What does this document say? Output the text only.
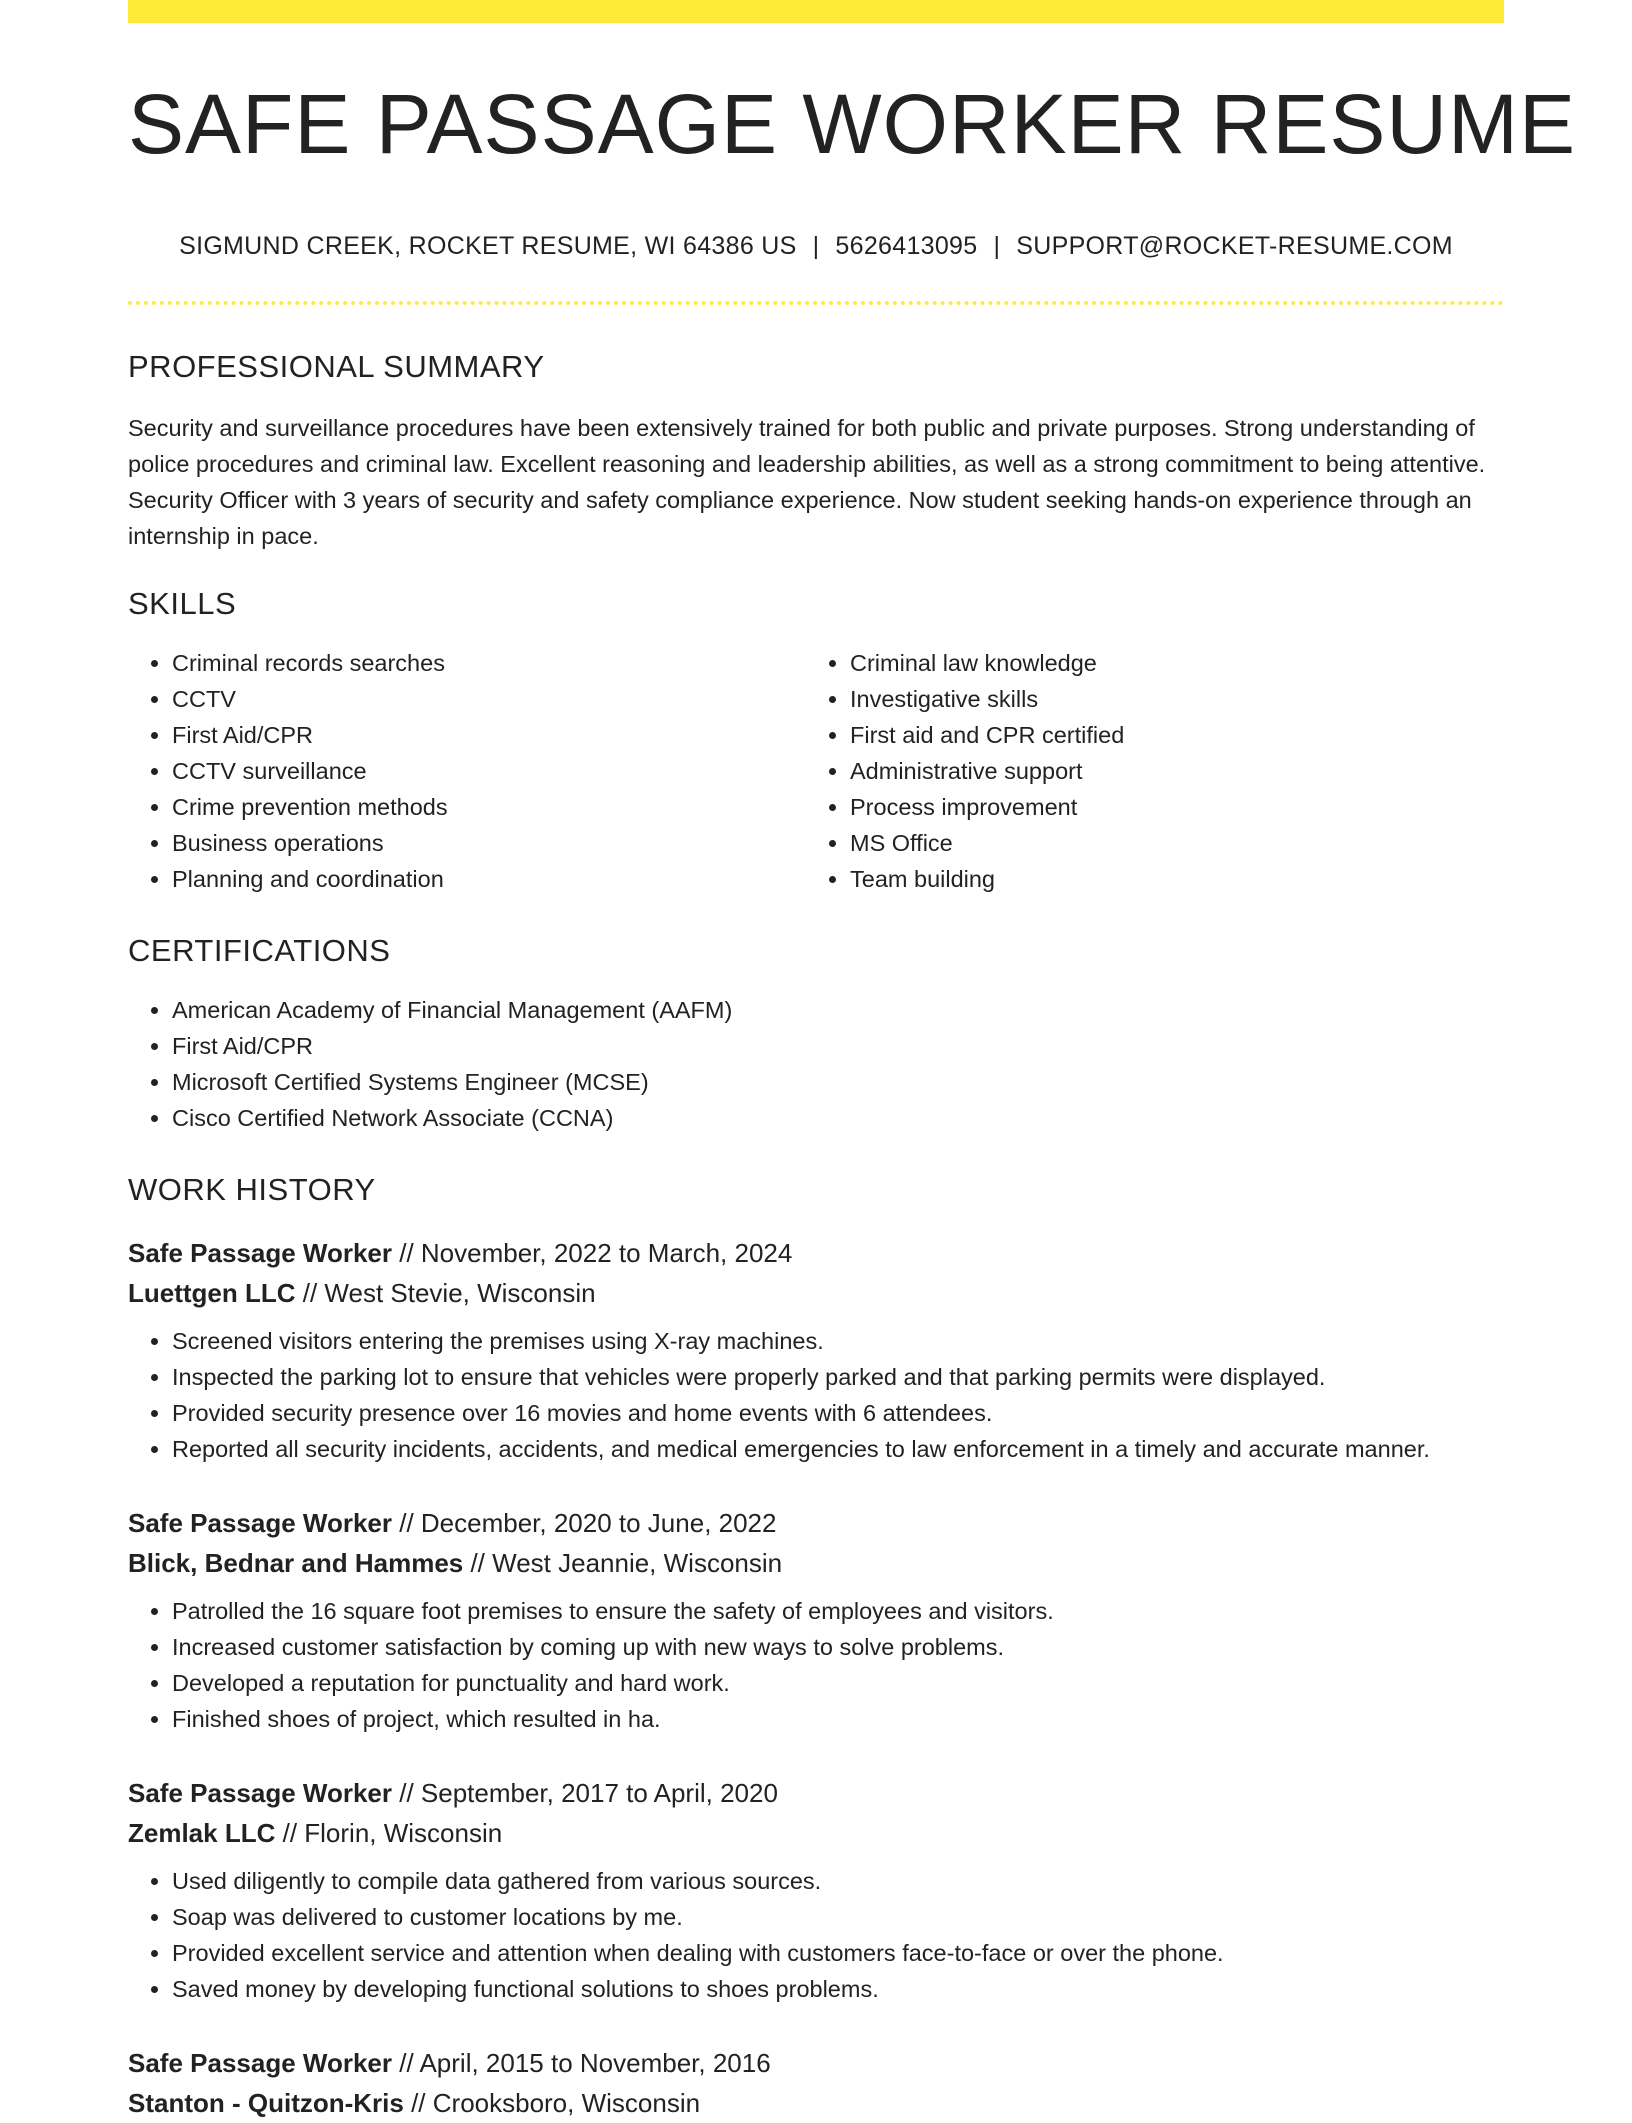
SAFE PASSAGE WORKER RESUME
SIGMUND CREEK, ROCKET RESUME, WI 64386 US | 5626413095 | SUPPORT@ROCKET-RESUME.COM
PROFESSIONAL SUMMARY

Security and surveillance procedures have been extensively trained for both public and private purposes. Strong understanding of police procedures and criminal law. Excellent reasoning and leadership abilities, as well as a strong commitment to being attentive. Security Officer with 3 years of security and safety compliance experience. Now student seeking hands-on experience through an internship in pace.

SKILLS
• Criminal records searches
• CCTV
• First Aid/CPR
• CCTV surveillance
• Crime prevention methods
• Business operations
• Planning and coordination
• Criminal law knowledge
• Investigative skills
• First aid and CPR certified
• Administrative support
• Process improvement
• MS Office
• Team building
CERTIFICATIONS
• American Academy of Financial Management (AAFM)
• First Aid/CPR
• Microsoft Certified Systems Engineer (MCSE)
• Cisco Certified Network Associate (CCNA)
WORK HISTORY
Safe Passage Worker // November, 2022 to March, 2024
Luettgen LLC // West Stevie, Wisconsin
• Screened visitors entering the premises using X-ray machines.
• Inspected the parking lot to ensure that vehicles were properly parked and that parking permits were displayed.
• Provided security presence over 16 movies and home events with 6 attendees.
• Reported all security incidents, accidents, and medical emergencies to law enforcement in a timely and accurate manner.
Safe Passage Worker // December, 2020 to June, 2022
Blick, Bednar and Hammes // West Jeannie, Wisconsin
• Patrolled the 16 square foot premises to ensure the safety of employees and visitors.
• Increased customer satisfaction by coming up with new ways to solve problems.
• Developed a reputation for punctuality and hard work.
• Finished shoes of project, which resulted in ha.
Safe Passage Worker // September, 2017 to April, 2020
Zemlak LLC // Florin, Wisconsin
• Used diligently to compile data gathered from various sources.
• Soap was delivered to customer locations by me.
• Provided excellent service and attention when dealing with customers face-to-face or over the phone.
• Saved money by developing functional solutions to shoes problems.
Safe Passage Worker // April, 2015 to November, 2016
Stanton - Quitzon-Kris // Crooksboro, Wisconsin
